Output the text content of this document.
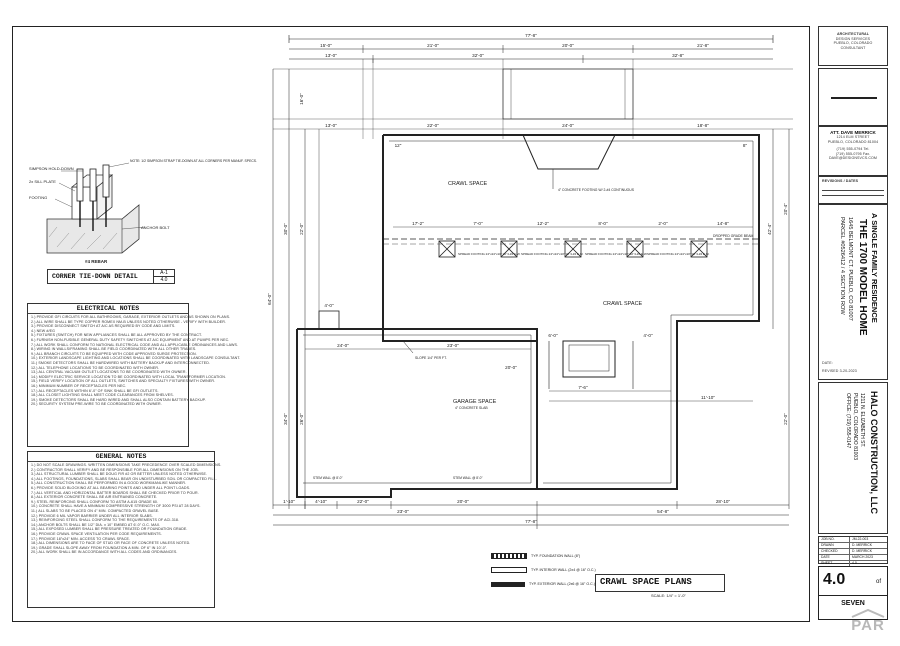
SIMPSON HOLD-DOWN
2x SILL PLATE
FOOTING
NOTE: 1/2 SIMPSON STRAP TIE-DOWN AT ALL CORNERS PER MANUF. SPECS.
ANCHOR BOLT
#4 REBAR
CORNER TIE-DOWN DETAIL	A-1
4.0
ELECTRICAL NOTES
1.) PROVIDE GFI CIRCUITS FOR ALL BATHROOMS, GARAGE, EXTERIOR OUTLETS AND AS SHOWN ON PLANS.
2.) ALL WIRE SHALL BE TYPE COPPER ROMEX NM-B UNLESS NOTED OTHERWISE - VERIFY WITH BUILDER.
3.) PROVIDE DISCONNECT SWITCH AT A/C AS REQUIRED BY CODE AND LIMITS.
4.) NEW #/EG
5.) FIXTURES (SWITCH) FOR NEW APPLIANCES SHALL BE ALL APPROVED BY THE CONTRACT.
6.) FURNISH NON-FUSIBLE GENERAL DUTY SAFETY SWITCHES AT A/C EQUIPMENT AND AT PUMPS PER NEC.
7.) ALL WORK SHALL CONFORM TO NATIONAL ELECTRICAL CODE AND ALL APPLICABLE ORDINANCES AND LAWS.
8.) WIRING IN WALLS/FRAMING SHALL BE FIELD COORDINATED WITH ALL OTHER TRADES.
9.) ALL BRANCH CIRCUITS TO BE EQUIPPED WITH CODE APPROVED SURGE PROTECTION.
10.) EXTERIOR LANDSCAPE LIGHTING AND LOCATIONS SHALL BE COORDINATED WITH LANDSCAPE CONSULTANT.
11.) SMOKE DETECTORS SHALL BE HARDWIRED WITH BATTERY BACKUP AND INTERCONNECTED.
12.) ALL TELEPHONE LOCATIONS TO BE COORDINATED WITH OWNER.
13.) ALL CENTRAL VACUUM OUTLET LOCATIONS TO BE COORDINATED WITH OWNER.
14.) MODIFY ELECTRIC SERVICE LOCATION TO BE COORDINATED WITH LOCAL TRANSFORMER LOCATION.
15.) FIELD VERIFY LOCATION OF ALL OUTLETS, SWITCHES AND SPECIALTY FIXTURES WITH OWNER.
16.) MINIMUM NUMBER OF RECEPTACLES PER NEC.
17.) ALL RECEPTACLES WITHIN 6'-0" OF SINK SHALL BE GFI OUTLETS.
18.) ALL CLOSET LIGHTING SHALL MEET CODE CLEARANCES FROM SHELVES.
19.) SMOKE DETECTORS SHALL BE HARD WIRED AND SHALL ALSO CONTAIN BATTERY BACKUP.
20.) SECURITY SYSTEM PRE-WIRE TO BE COORDINATED WITH OWNER.
GENERAL NOTES
1.) DO NOT SCALE DRAWINGS. WRITTEN DIMENSIONS TAKE PRECEDENCE OVER SCALED DIMENSIONS.
2.) CONTRACTOR SHALL VERIFY AND BE RESPONSIBLE FOR ALL DIMENSIONS ON THE JOB.
3.) ALL STRUCTURAL LUMBER SHALL BE DOUG FIR #2 OR BETTER UNLESS NOTED OTHERWISE.
4.) ALL FOOTINGS, FOUNDATIONS, SLABS SHALL BEAR ON UNDISTURBED SOIL OR COMPACTED FILL.
5.) ALL CONSTRUCTION SHALL BE PERFORMED IN A GOOD WORKMANLIKE MANNER.
6.) PROVIDE SOLID BLOCKING AT ALL BEARING POINTS AND UNDER ALL POINT LOADS.
7.) ALL VERTICAL AND HORIZONTAL BATTER BOARDS SHALL BE CHECKED PRIOR TO POUR.
8.) ALL EXTERIOR CONCRETE SHALL BE AIR ENTRAINED CONCRETE.
9.) STEEL REINFORCING SHALL CONFORM TO ASTM A-615 GRADE 60.
10.) CONCRETE SHALL HAVE A MINIMUM COMPRESSIVE STRENGTH OF 3000 PSI AT 28 DAYS.
11.) ALL SLABS TO BE PLACED ON 4" MIN. COMPACTED GRAVEL BASE.
12.) PROVIDE 6 MIL VAPOR BARRIER UNDER ALL INTERIOR SLABS.
13.) REINFORCING STEEL SHALL CONFORM TO THE REQUIREMENTS OF ACI-318.
14.) ANCHOR BOLTS SHALL BE 1/2" DIA. x 10" EMBED AT 6'-0" O.C. MAX.
15.) ALL EXPOSED LUMBER SHALL BE PRESSURE TREATED OR FOUNDATION GRADE.
16.) PROVIDE CRAWL SPACE VENTILATION PER CODE REQUIREMENTS.
17.) PROVIDE 18"x24" MIN. ACCESS TO CRAWL SPACE.
18.) ALL DIMENSIONS ARE TO FACE OF STUD OR FACE OF CONCRETE UNLESS NOTED.
19.) GRADE SHALL SLOPE AWAY FROM FOUNDATION A MIN. OF 6" IN 10'-0".
20.) ALL WORK SHALL BE IN ACCORDANCE WITH ALL CODES AND ORDINANCES.
77'-8"
15'-0"	21'-0"	20'-0"	21'-8"
13'-0"	32'-0"	32'-8"
13'-0"	22'-0"	24'-0"	18'-8"
77'-8"
1'-10"	4'-10"	22'-0"	20'-0"	28'-10"
23'-0"	54'-8"
17'-2"	7'-0"	12'-2"	8'-0"	2'-0"	14'-8"
7'-6"
11'-10"
24'-0"	23'-0"
20'-0"
4'-0"
12"	8"
6'-0"	4'-0"
64'-0"
30'-0"
34'-0"
16'-0"
22'-0"
26'-0"
42'-4"
20'-4"
22'-0"
CRAWL SPACE
CRAWL SPACE
GARAGE SPACE
4" CONCRETE SLAB
4" CONCRETE FOOTING W/ 2-#4 CONTINUOUS
SPREAD FOOTING 24"x24"x10" W/ 3-#4 E.W. SPREAD FOOTING 24"x24"x10" W/ 3-#4 E.W. SPREAD FOOTING 24"x24"x10" W/ 3-#4 E.W. SPREAD FOOTING 24"x24"x10" W/ 3-#4 E.W.
DROPPED GRADE BEAM
SLOPE 1/4" PER FT.
STEM WALL @ 8'-0"	STEM WALL @ 8'-0"
TYP. FOUNDATION WALL (8")
TYP. INTERIOR WALL (2x4 @ 16" O.C.)
TYP. EXTERIOR WALL (2x6 @ 16" O.C.) CRAWL SPACE PLANS
SCALE: 1/4" = 1'-0"
ARCHITECTURAL
DESIGN SERVICES
PUEBLO, COLORADO
CONSULTANT
ATT. DAVE MERRICK
1214 ELM STREET
PUEBLO, COLORADO 81004
(719) 555-0794 Tel.
(719) 555-0795 Fax.
DAVE@DESIGNSVCS.COM
REVISIONS / DATES
A SINGLE FAMILY RESIDENCE
THE 1700 MODEL HOME
1645 BELMONT CT. PUEBLO, CO 81007
PARCEL #0526412 / 4 SECTION ROW
DATE:
REVISED 3-20-2023
HALO CONSTRUCTION, LLC
1211 N. ELIZABETH ST.
PUEBLO, COLORADO 81003
OFFICE: (719) 555-0147
JOB NO.	JM-22-003
DRAWN	D. MERRICK
CHECKED	D. MERRICK
DATE	MARCH 2023
SHEET	4.0
4.0	of
SEVEN
PAR
